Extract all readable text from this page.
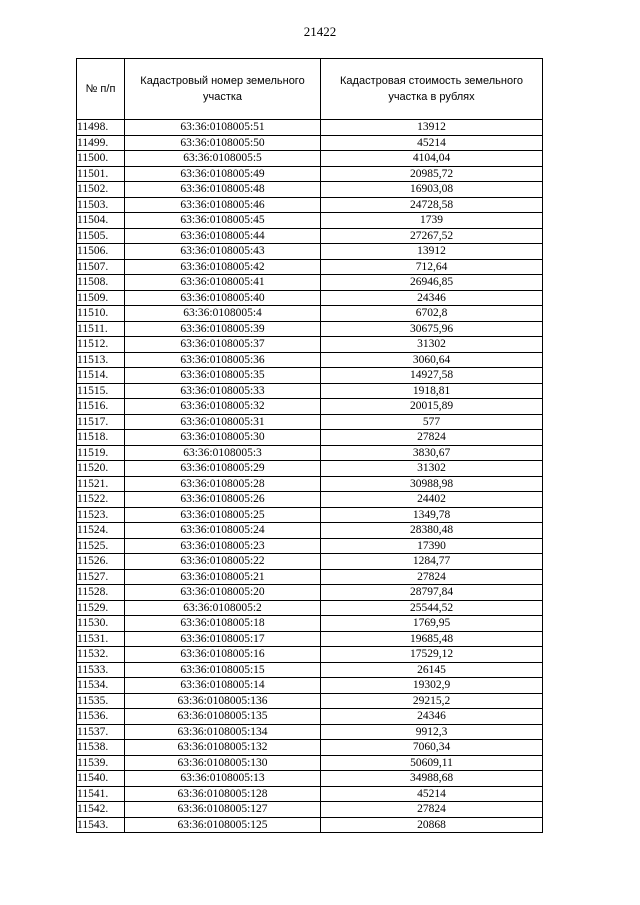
21422
№ п/п	Кадастровый номер земельного участка	Кадастровая стоимость земельного участка в рублях
11498.	63:36:0108005:51	13912
11499.	63:36:0108005:50	45214
11500.	63:36:0108005:5	4104,04
11501.	63:36:0108005:49	20985,72
11502.	63:36:0108005:48	16903,08
11503.	63:36:0108005:46	24728,58
11504.	63:36:0108005:45	1739
11505.	63:36:0108005:44	27267,52
11506.	63:36:0108005:43	13912
11507.	63:36:0108005:42	712,64
11508.	63:36:0108005:41	26946,85
11509.	63:36:0108005:40	24346
11510.	63:36:0108005:4	6702,8
11511.	63:36:0108005:39	30675,96
11512.	63:36:0108005:37	31302
11513.	63:36:0108005:36	3060,64
11514.	63:36:0108005:35	14927,58
11515.	63:36:0108005:33	1918,81
11516.	63:36:0108005:32	20015,89
11517.	63:36:0108005:31	577
11518.	63:36:0108005:30	27824
11519.	63:36:0108005:3	3830,67
11520.	63:36:0108005:29	31302
11521.	63:36:0108005:28	30988,98
11522.	63:36:0108005:26	24402
11523.	63:36:0108005:25	1349,78
11524.	63:36:0108005:24	28380,48
11525.	63:36:0108005:23	17390
11526.	63:36:0108005:22	1284,77
11527.	63:36:0108005:21	27824
11528.	63:36:0108005:20	28797,84
11529.	63:36:0108005:2	25544,52
11530.	63:36:0108005:18	1769,95
11531.	63:36:0108005:17	19685,48
11532.	63:36:0108005:16	17529,12
11533.	63:36:0108005:15	26145
11534.	63:36:0108005:14	19302,9
11535.	63:36:0108005:136	29215,2
11536.	63:36:0108005:135	24346
11537.	63:36:0108005:134	9912,3
11538.	63:36:0108005:132	7060,34
11539.	63:36:0108005:130	50609,11
11540.	63:36:0108005:13	34988,68
11541.	63:36:0108005:128	45214
11542.	63:36:0108005:127	27824
11543.	63:36:0108005:125	20868
